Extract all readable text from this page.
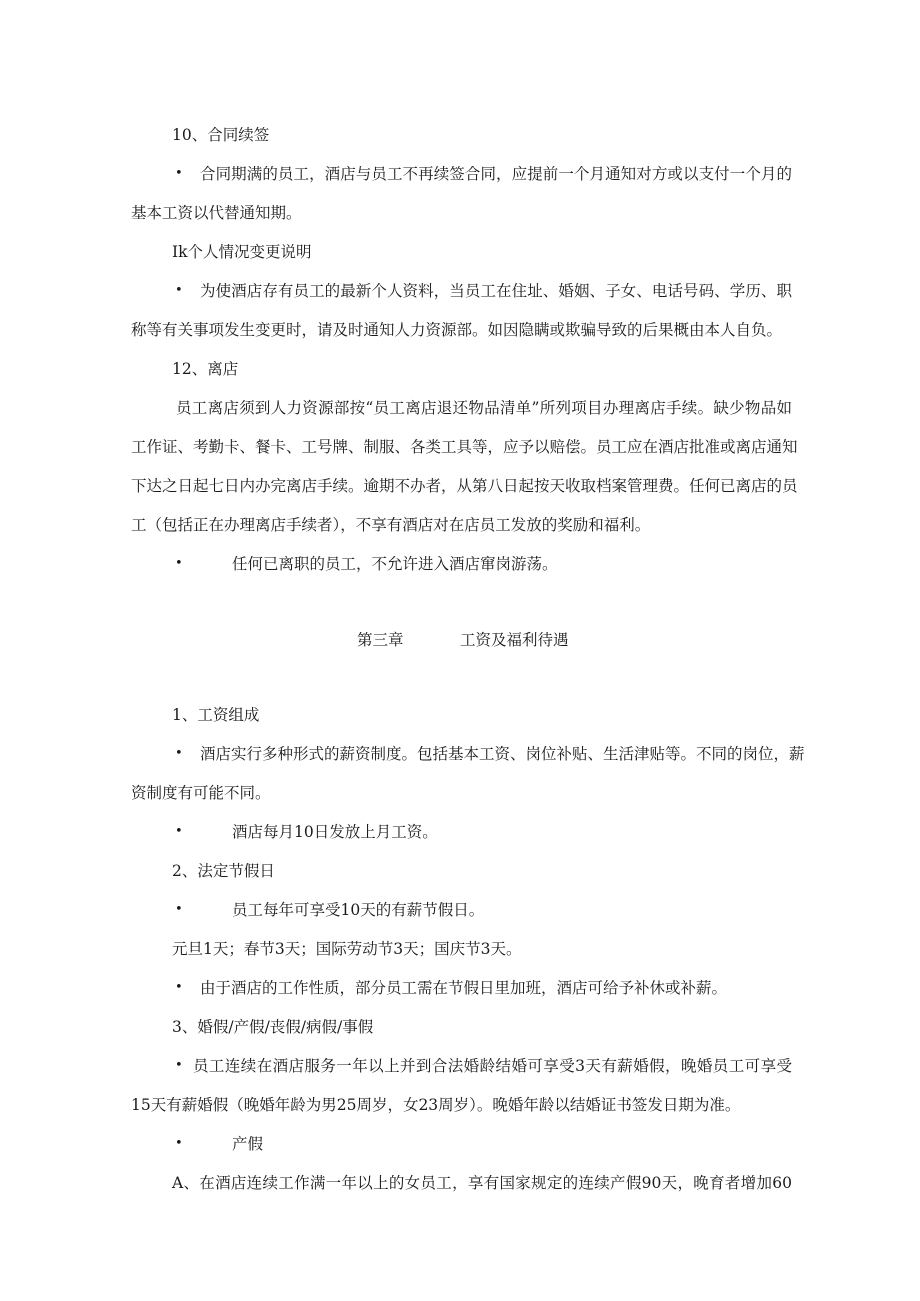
10、合同续签
• 合同期满的员工，酒店与员工不再续签合同，应提前一个月通知对方或以支付一个月的
基本工资以代替通知期。
Ik个人情况变更说明
• 为使酒店存有员工的最新个人资料，当员工在住址、婚姻、子女、电话号码、学历、职
称等有关事项发生变更时，请及时通知人力资源部。如因隐瞒或欺骗导致的后果概由本人自负。
12、离店
员工离店须到人力资源部按“员工离店退还物品清单”所列项目办理离店手续。缺少物品如
工作证、考勤卡、餐卡、工号牌、制服、各类工具等，应予以赔偿。员工应在酒店批准或离店通知
下达之日起七日内办完离店手续。逾期不办者，从第八日起按天收取档案管理费。任何已离店的员
工（包括正在办理离店手续者），不享有酒店对在店员工发放的奖励和福利。
•	任何已离职的员工，不允许进入酒店窜岗游荡。
第三章	工资及福利待遇
1、工资组成
• 酒店实行多种形式的薪资制度。包括基本工资、岗位补贴、生活津贴等。不同的岗位，薪
资制度有可能不同。
•	酒店每月10日发放上月工资。
2、法定节假日
•	员工每年可享受10天的有薪节假日。
元旦1天；春节3天；国际劳动节3天；国庆节3天。
• 由于酒店的工作性质，部分员工需在节假日里加班，酒店可给予补休或补薪。
3、婚假/产假/丧假/病假/事假
• 员工连续在酒店服务一年以上并到合法婚龄结婚可享受3天有薪婚假，晚婚员工可享受
15天有薪婚假（晚婚年龄为男25周岁，女23周岁）。晚婚年龄以结婚证书签发日期为准。
•	产假
A、在酒店连续工作满一年以上的女员工，享有国家规定的连续产假90天，晚育者增加60
